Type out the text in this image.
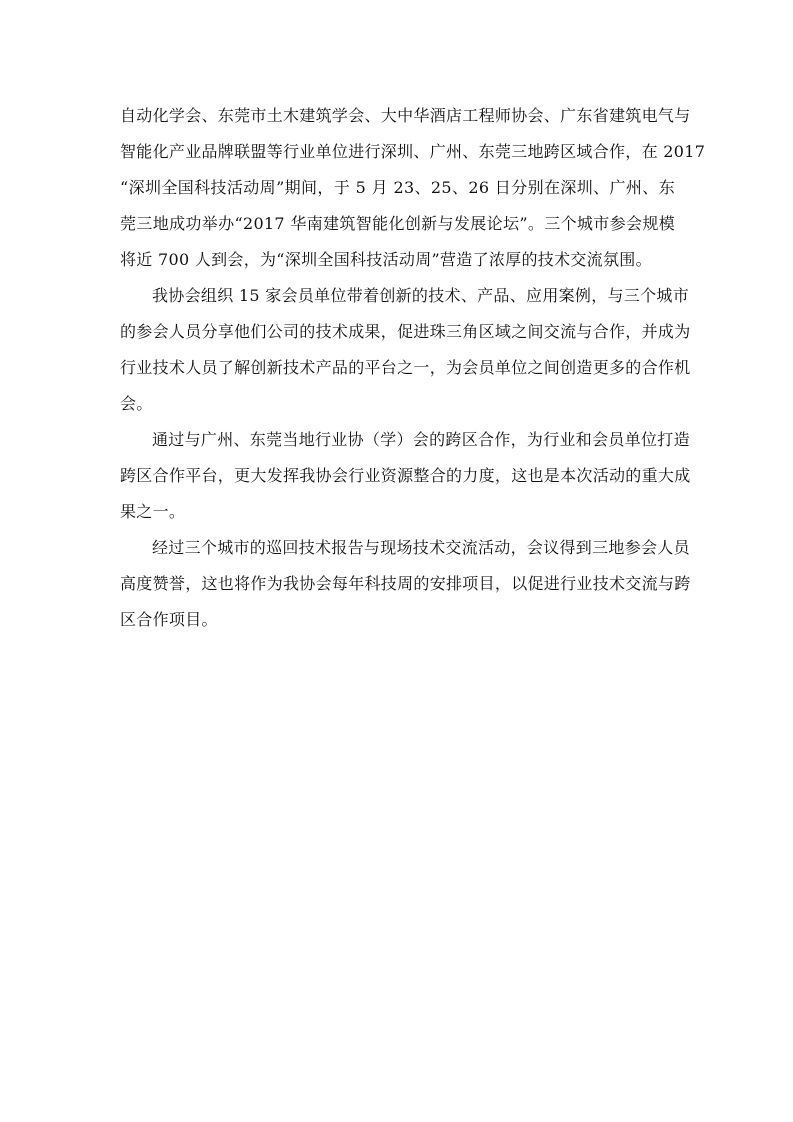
自动化学会、东莞市土木建筑学会、大中华酒店工程师协会、广东省建筑电气与
智能化产业品牌联盟等行业单位进行深圳、广州、东莞三地跨区域合作，在 2017
“深圳全国科技活动周”期间，于 5 月 23、25、26 日分别在深圳、广州、东
莞三地成功举办“2017 华南建筑智能化创新与发展论坛”。三个城市参会规模
将近 700 人到会，为“深圳全国科技活动周”营造了浓厚的技术交流氛围。

我协会组织 15 家会员单位带着创新的技术、产品、应用案例，与三个城市
的参会人员分享他们公司的技术成果，促进珠三角区域之间交流与合作，并成为
行业技术人员了解创新技术产品的平台之一，为会员单位之间创造更多的合作机
会。

通过与广州、东莞当地行业协（学）会的跨区合作，为行业和会员单位打造
跨区合作平台，更大发挥我协会行业资源整合的力度，这也是本次活动的重大成
果之一。

经过三个城市的巡回技术报告与现场技术交流活动，会议得到三地参会人员
高度赞誉，这也将作为我协会每年科技周的安排项目，以促进行业技术交流与跨
区合作项目。
